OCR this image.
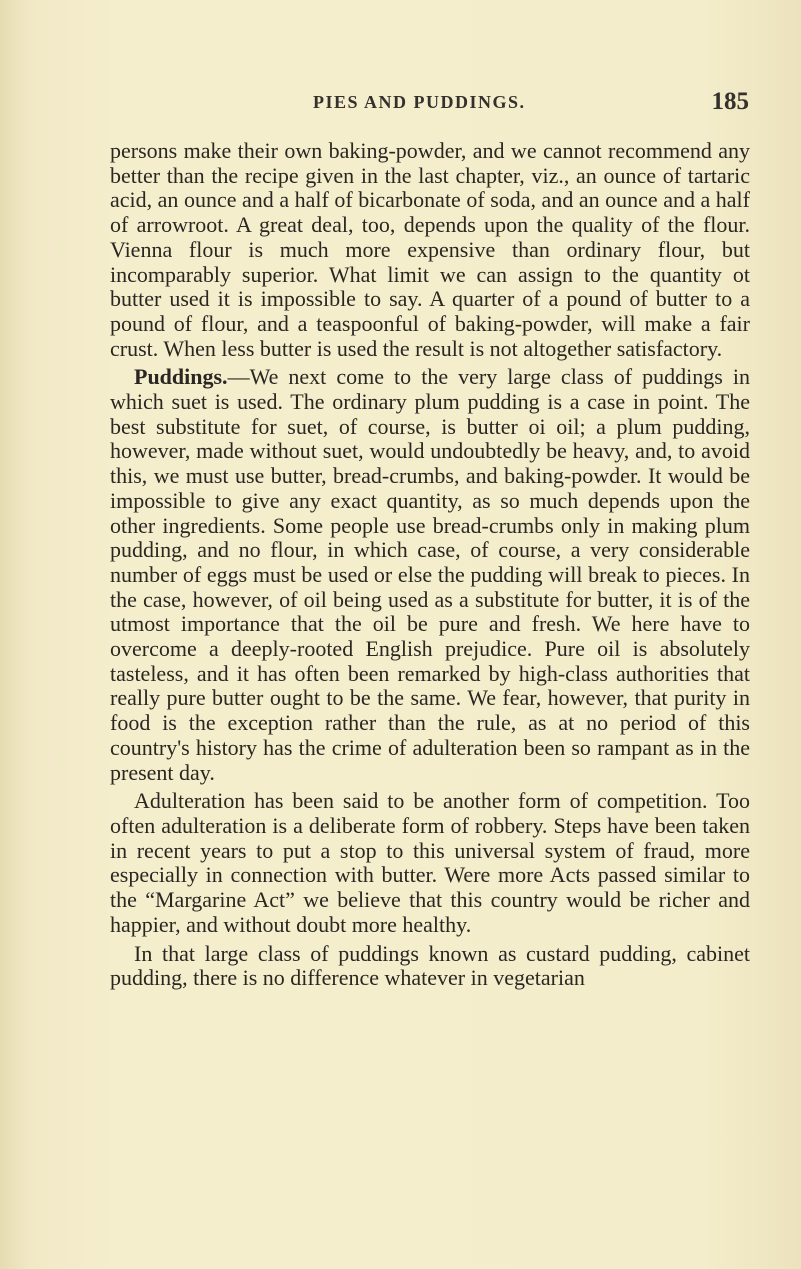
PIES AND PUDDINGS.	185

persons make their own baking-powder, and we cannot recommend any better than the recipe given in the last chapter, viz., an ounce of tartaric acid, an ounce and a half of bicarbonate of soda, and an ounce and a half of arrowroot. A great deal, too, depends upon the quality of the flour. Vienna flour is much more expensive than ordinary flour, but incomparably superior. What limit we can assign to the quantity ot butter used it is impossible to say. A quarter of a pound of butter to a pound of flour, and a teaspoonful of baking-powder, will make a fair crust. When less butter is used the result is not altogether satisfactory.

Puddings.—We next come to the very large class of puddings in which suet is used. The ordinary plum pudding is a case in point. The best substitute for suet, of course, is butter oi oil; a plum pudding, however, made without suet, would undoubtedly be heavy, and, to avoid this, we must use butter, bread-crumbs, and baking-powder. It would be impossible to give any exact quantity, as so much depends upon the other ingredients. Some people use bread-crumbs only in making plum pudding, and no flour, in which case, of course, a very considerable number of eggs must be used or else the pudding will break to pieces. In the case, however, of oil being used as a substitute for butter, it is of the utmost importance that the oil be pure and fresh. We here have to overcome a deeply-rooted English prejudice. Pure oil is absolutely tasteless, and it has often been remarked by high-class authorities that really pure butter ought to be the same. We fear, however, that purity in food is the exception rather than the rule, as at no period of this country's history has the crime of adulteration been so rampant as in the present day.

Adulteration has been said to be another form of competition. Too often adulteration is a deliberate form of robbery. Steps have been taken in recent years to put a stop to this universal system of fraud, more especially in connection with butter. Were more Acts passed similar to the “Margarine Act” we believe that this country would be richer and happier, and without doubt more healthy.

In that large class of puddings known as custard pudding, cabinet pudding, there is no difference whatever in vegetarian
